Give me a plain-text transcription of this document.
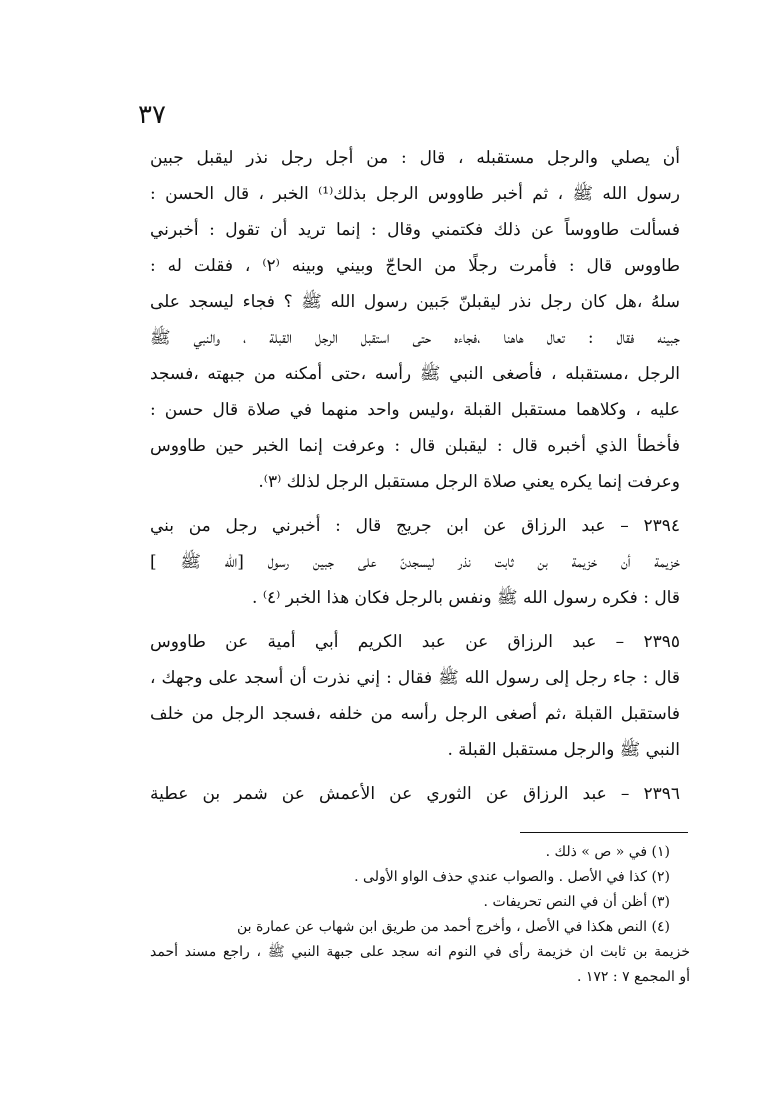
٣٧
أن يصلي والرجل مستقبله ، قال : من أجل رجل نذر ليقبل جبين
رسول الله ﷺ ، ثم أخبر طاووس الرجل بذلك⁽¹⁾ الخبر ، قال الحسن :
فسألت طاووساً عن ذلك فكتمني وقال : إنما تريد أن تقول : أخبرني
طاووس قال : فأمرت رجلًا من الحاجّ وبيني وبينه ⁽٢⁾ ، فقلت له :
سلهُ ،هل كان رجل نذر ليقبلنّ جَبين رسول الله ﷺ ؟ فجاء ليسجد على
جبينه فقال : تعال هاهنا ،فجاءه حتى استقبل الرجل القبلة ، والنبي ﷺ
الرجل ،مستقبله ، فأصغى النبي ﷺ رأسه ،حتى أمكنه من جبهته ،فسجد
عليه ، وكلاهما مستقبل القبلة ،وليس واحد منهما في صلاة قال حسن :
فأخطأ الذي أخبره قال : ليقبلن قال : وعرفت إنما الخبر حين طاووس
وعرفت إنما يكره يعني صلاة الرجل مستقبل الرجل لذلك ⁽٣⁾.
٢٣٩٤ – عبد الرزاق عن ابن جريج قال : أخبرني رجل من بني
خزيمة أن خزيمة بن ثابت نذر ليسجدنّ على جبين رسول [الله ﷺ ]
قال : فكره رسول الله ﷺ ونفس بالرجل فكان هذا الخبر ⁽٤⁾ .
٢٣٩٥ – عبد الرزاق عن عبد الكريم أبي أمية عن طاووس
قال : جاء رجل إلى رسول الله ﷺ فقال : إني نذرت أن أسجد على وجهك ،
فاستقبل القبلة ،ثم أصغى الرجل رأسه من خلفه ،فسجد الرجل من خلف
النبي ﷺ والرجل مستقبل القبلة .
٢٣٩٦ – عبد الرزاق عن الثوري عن الأعمش عن شمر بن عطية
(١) في « ص » ذلك .
(٢) كذا في الأصل . والصواب عندي حذف الواو الأولى .
(٣) أظن أن في النص تحريفات .
(٤) النص هكذا في الأصل ، وأخرج أحمد من طريق ابن شهاب عن عمارة بن
خزيمة بن ثابت ان خزيمة رأى في النوم انه سجد على جبهة النبي ﷺ ، راجع مسند أحمد
أو المجمع ٧ : ١٧٢ .
